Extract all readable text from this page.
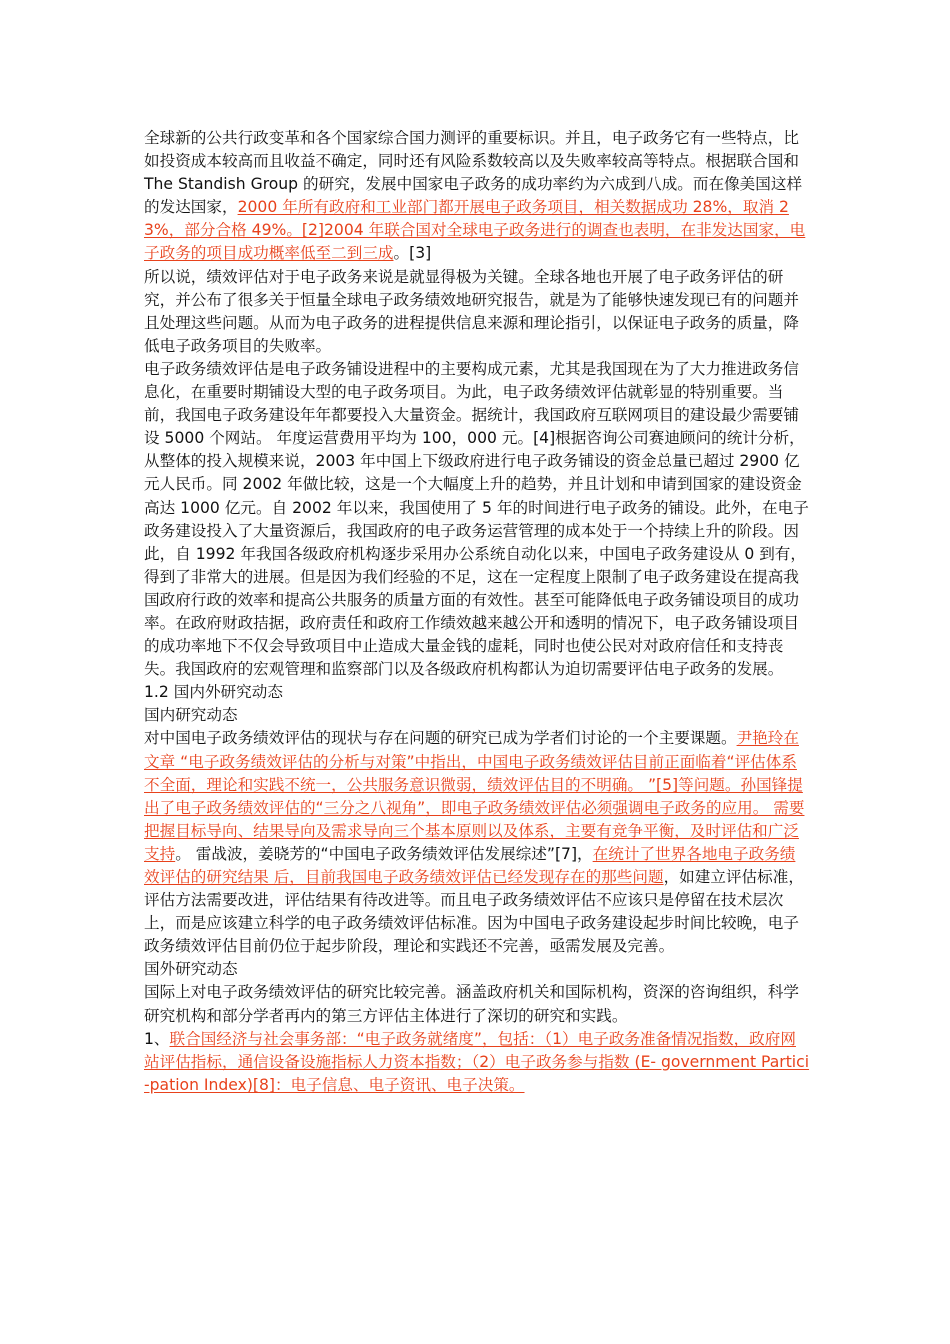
全球新的公共行政变革和各个国家综合国力测评的重要标识。并且，电子政务它有一些特点，比如投资成本较高而且收益不确定，同时还有风险系数较高以及失败率较高等特点。根据联合国和 The Standish Group 的研究，发展中国家电子政务的成功率约为六成到八成。而在像美国这样的发达国家，2000 年所有政府和工业部门都开展电子政务项目，相关数据成功 28%，取消 23%，部分合格 49%。[2]2004 年联合国对全球电子政务进行的调查也表明，在非发达国家，电子政务的项目成功概率低至二到三成。[3]

所以说，绩效评估对于电子政务来说是就显得极为关键。全球各地也开展了电子政务评估的研究，并公布了很多关于恒量全球电子政务绩效地研究报告，就是为了能够快速发现已有的问题并且处理这些问题。从而为电子政务的进程提供信息来源和理论指引，以保证电子政务的质量，降低电子政务项目的失败率。

电子政务绩效评估是电子政务铺设进程中的主要构成元素，尤其是我国现在为了大力推进政务信息化，在重要时期铺设大型的电子政务项目。为此，电子政务绩效评估就彰显的特别重要。当前，我国电子政务建设年年都要投入大量资金。据统计，我国政府互联网项目的建设最少需要铺设 5000 个网站。 年度运营费用平均为 100，000 元。[4]根据咨询公司赛迪顾问的统计分析，从整体的投入规模来说，2003 年中国上下级政府进行电子政务铺设的资金总量已超过 2900 亿元人民币。同 2002 年做比较，这是一个大幅度上升的趋势，并且计划和申请到国家的建设资金高达 1000 亿元。自 2002 年以来，我国使用了 5 年的时间进行电子政务的铺设。此外，在电子政务建设投入了大量资源后，我国政府的电子政务运营管理的成本处于一个持续上升的阶段。因此，自 1992 年我国各级政府机构逐步采用办公系统自动化以来，中国电子政务建设从 0 到有，得到了非常大的进展。但是因为我们经验的不足，这在一定程度上限制了电子政务建设在提高我国政府行政的效率和提高公共服务的质量方面的有效性。甚至可能降低电子政务铺设项目的成功率。在政府财政拮据，政府责任和政府工作绩效越来越公开和透明的情况下，电子政务铺设项目的成功率地下不仅会导致项目中止造成大量金钱的虚耗，同时也使公民对对政府信任和支持丧失。我国政府的宏观管理和监察部门以及各级政府机构都认为迫切需要评估电子政务的发展。

1.2 国内外研究动态

国内研究动态

对中国电子政务绩效评估的现状与存在问题的研究已成为学者们讨论的一个主要课题。尹艳玲在文章 “电子政务绩效评估的分析与对策”中指出，中国电子政务绩效评估目前正面临着“评估体系不全面，理论和实践不统一，公共服务意识微弱，绩效评估目的不明确。 ”[5]等问题。孙国锋提出了电子政务绩效评估的“三分之八视角”，即电子政务绩效评估必须强调电子政务的应用。 需要把握目标导向、结果导向及需求导向三个基本原则以及体系，主要有竞争平衡，及时评估和广泛支持。 雷战波，姜晓芳的“中国电子政务绩效评估发展综述”[7]，在统计了世界各地电子政务绩效评估的研究结果 后，目前我国电子政务绩效评估已经发现存在的那些问题，如建立评估标准，评估方法需要改进，评估结果有待改进等。而且电子政务绩效评估不应该只是停留在技术层次上，而是应该建立科学的电子政务绩效评估标准。因为中国电子政务建设起步时间比较晚，电子政务绩效评估目前仍位于起步阶段，理论和实践还不完善，亟需发展及完善。

国外研究动态

国际上对电子政务绩效评估的研究比较完善。涵盖政府机关和国际机构，资深的咨询组织，科学研究机构和部分学者再内的第三方评估主体进行了深切的研究和实践。

1、联合国经济与社会事务部：“电子政务就绪度”，包括：（1）电子政务准备情况指数，政府网站评估指标，通信设备设施指标人力资本指数；（2）电子政务参与指数 (E- government Partici-pation Index)[8]：电子信息、电子资讯、电子决策。
